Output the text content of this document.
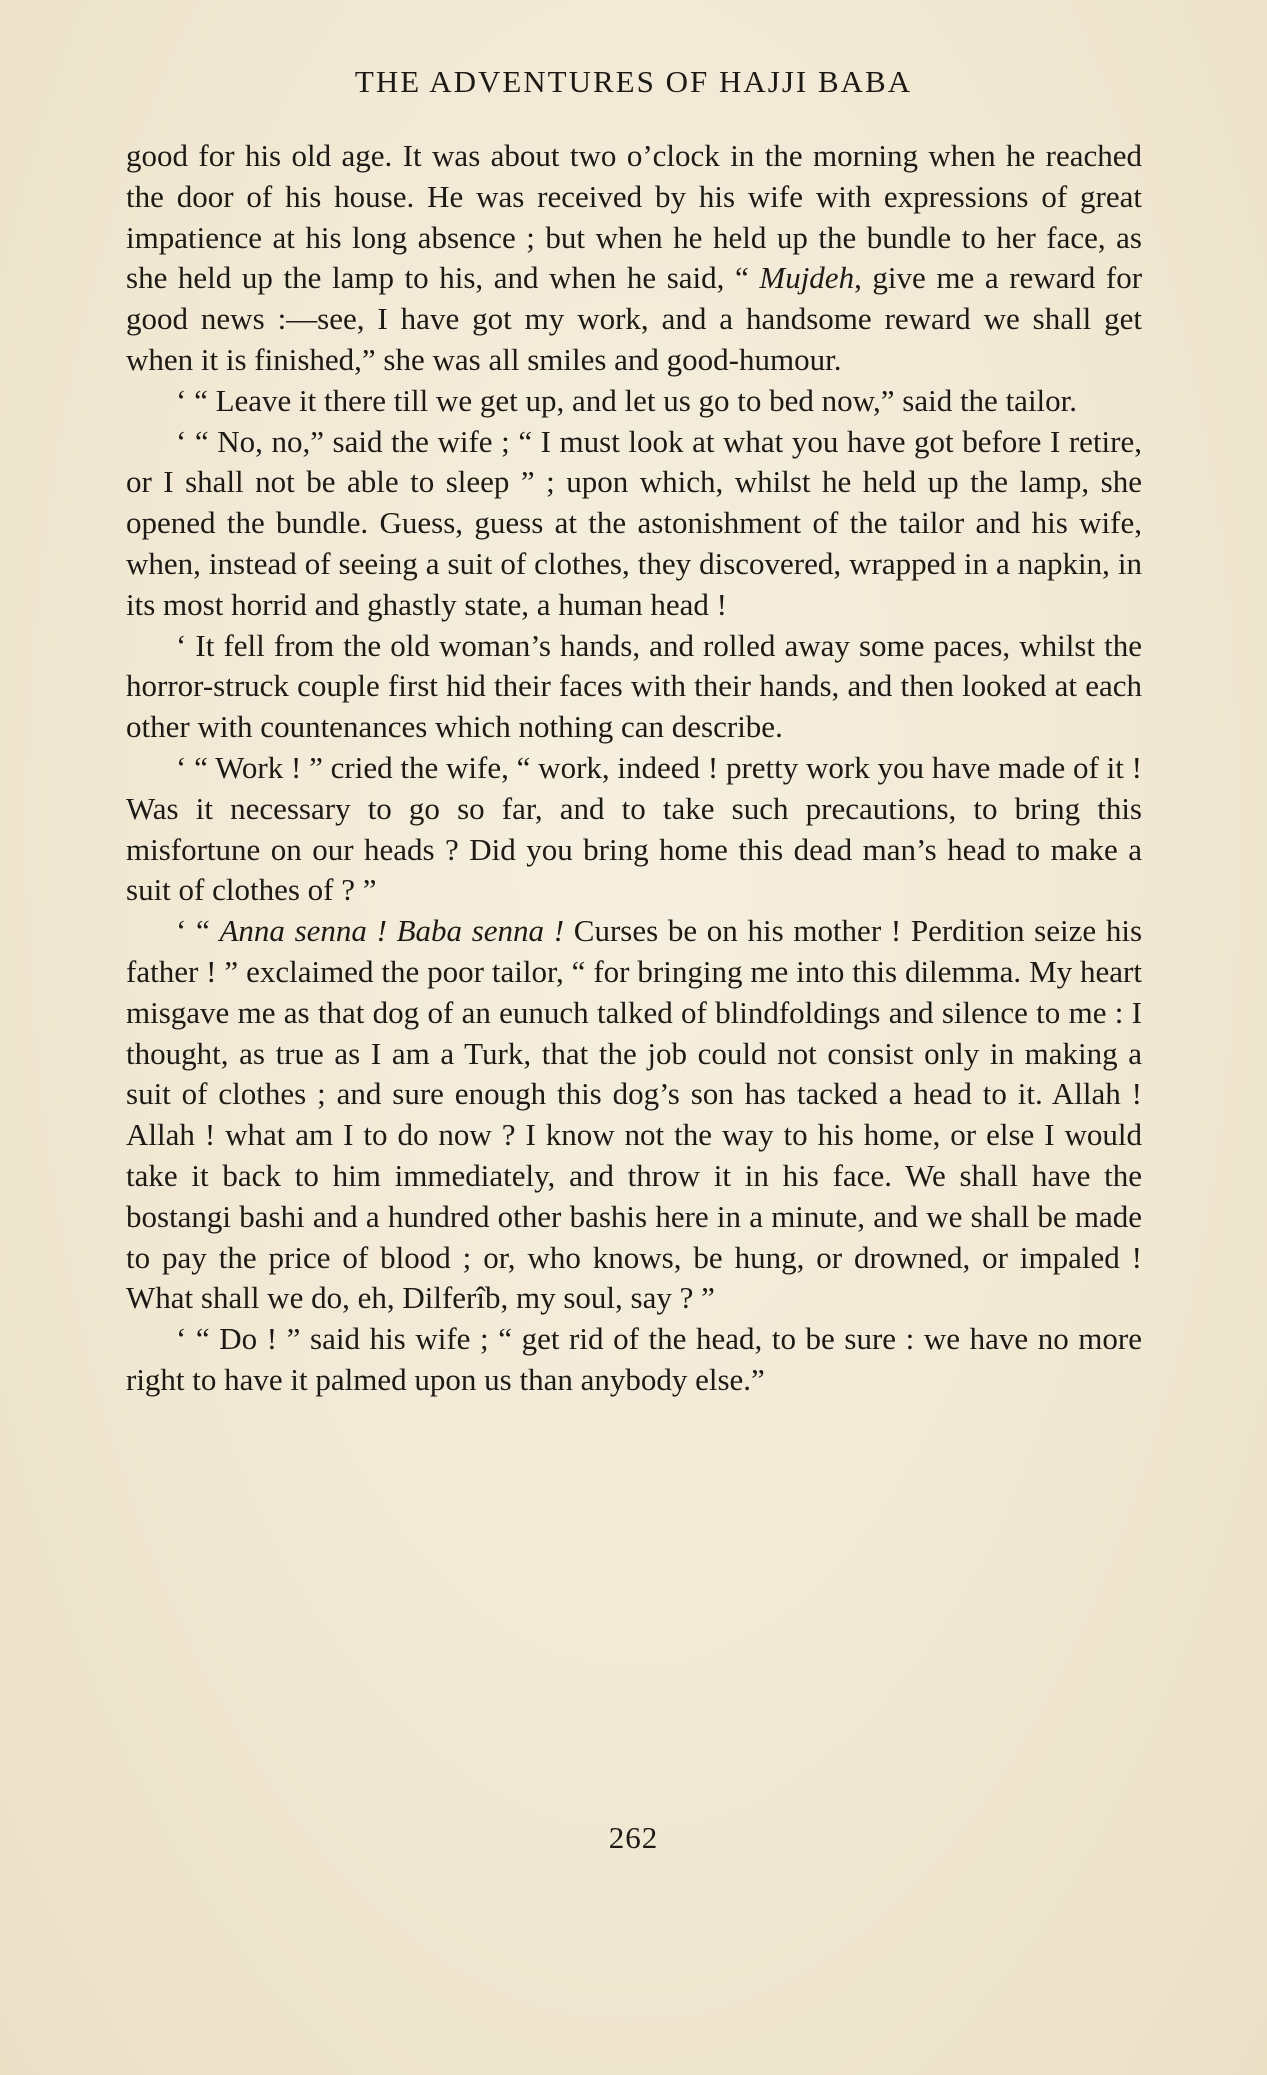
THE ADVENTURES OF HAJJI BABA

good for his old age. It was about two o’clock in the morning when he reached the door of his house. He was received by his wife with expressions of great impatience at his long absence ; but when he held up the bundle to her face, as she held up the lamp to his, and when he said, “ Mujdeh, give me a reward for good news :—see, I have got my work, and a handsome reward we shall get when it is finished,” she was all smiles and good-humour.

‘ “ Leave it there till we get up, and let us go to bed now,” said the tailor.

‘ “ No, no,” said the wife ; “ I must look at what you have got before I retire, or I shall not be able to sleep ” ; upon which, whilst he held up the lamp, she opened the bundle. Guess, guess at the astonishment of the tailor and his wife, when, instead of seeing a suit of clothes, they discovered, wrapped in a napkin, in its most horrid and ghastly state, a human head !

‘ It fell from the old woman’s hands, and rolled away some paces, whilst the horror-struck couple first hid their faces with their hands, and then looked at each other with countenances which nothing can describe.

‘ “ Work ! ” cried the wife, “ work, indeed ! pretty work you have made of it ! Was it necessary to go so far, and to take such precautions, to bring this misfortune on our heads ? Did you bring home this dead man’s head to make a suit of clothes of ? ”

‘ “ Anna senna ! Baba senna ! Curses be on his mother ! Perdition seize his father ! ” exclaimed the poor tailor, “ for bringing me into this dilemma. My heart misgave me as that dog of an eunuch talked of blindfoldings and silence to me : I thought, as true as I am a Turk, that the job could not consist only in making a suit of clothes ; and sure enough this dog’s son has tacked a head to it. Allah ! Allah ! what am I to do now ? I know not the way to his home, or else I would take it back to him immediately, and throw it in his face. We shall have the bostangi bashi and a hundred other bashis here in a minute, and we shall be made to pay the price of blood ; or, who knows, be hung, or drowned, or impaled ! What shall we do, eh, Dilferîb, my soul, say ? ”

‘ “ Do ! ” said his wife ; “ get rid of the head, to be sure : we have no more right to have it palmed upon us than anybody else.”

262
